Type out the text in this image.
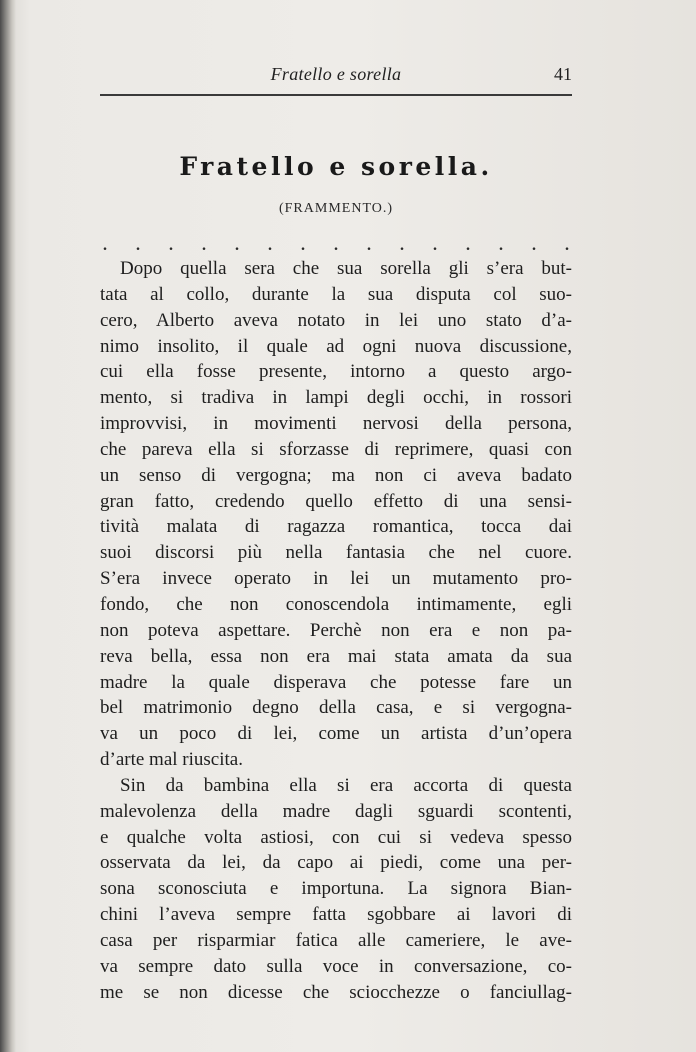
Fratello e sorella	41
Fratello e sorella.
(FRAMMENTO.)
. . . . . . . . . . . . . . .
Dopo quella sera che sua sorella gli s’era but-
tata al collo, durante la sua disputa col suo-
cero, Alberto aveva notato in lei uno stato d’a-
nimo insolito, il quale ad ogni nuova discussione,
cui ella fosse presente, intorno a questo argo-
mento, si tradiva in lampi degli occhi, in rossori
improvvisi, in movimenti nervosi della persona,
che pareva ella si sforzasse di reprimere, quasi con
un senso di vergogna; ma non ci aveva badato
gran fatto, credendo quello effetto di una sensi-
tività malata di ragazza romantica, tocca dai
suoi discorsi più nella fantasia che nel cuore.
S’era invece operato in lei un mutamento pro-
fondo, che non conoscendola intimamente, egli
non poteva aspettare. Perchè non era e non pa-
reva bella, essa non era mai stata amata da sua
madre la quale disperava che potesse fare un
bel matrimonio degno della casa, e si vergogna-
va un poco di lei, come un artista d’un’opera
d’arte mal riuscita.
Sin da bambina ella si era accorta di questa
malevolenza della madre dagli sguardi scontenti,
e qualche volta astiosi, con cui si vedeva spesso
osservata da lei, da capo ai piedi, come una per-
sona sconosciuta e importuna. La signora Bian-
chini l’aveva sempre fatta sgobbare ai lavori di
casa per risparmiar fatica alle cameriere, le ave-
va sempre dato sulla voce in conversazione, co-
me se non dicesse che sciocchezze o fanciullag-
